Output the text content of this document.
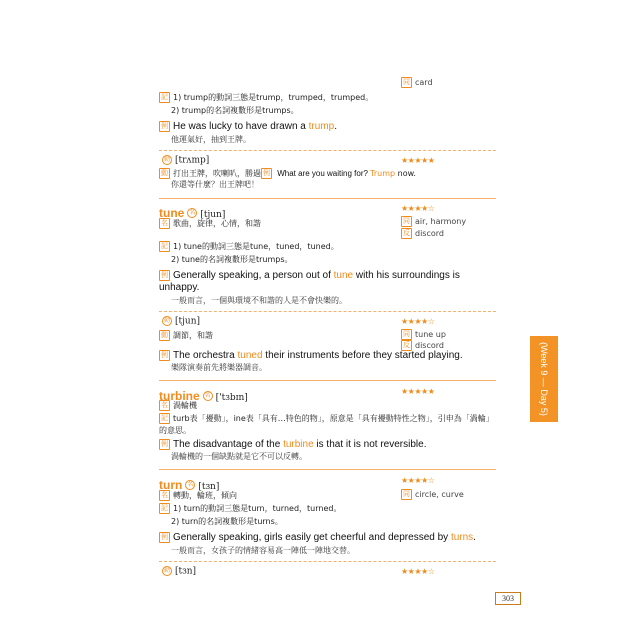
同 card
記 1) trump的動詞三態是trump，trumped，trumped。
2) trump的名詞複數形是trumps。
例 He was lucky to have drawn a trump.
他運氣好，抽到王牌。
動 [trʌmp]	★★★★★
動 打出王牌，吹喇叭，勝過 例 What are you waiting for? Trump now.
你還等什麼？出王牌吧！
tune 名 [tjun]
★★★★☆
名 歌曲，旋律，心情，和諧	同 air, harmony
反 discord
記 1) tune的動詞三態是tune，tuned，tuned。
2) tune的名詞複數形是trumps。
例 Generally speaking, a person out of tune with his surroundings is unhappy.
一般而言，一個與環境不和諧的人是不會快樂的。
動 [tjun]	★★★★☆
動 調節，和諧	同 tune up
反 discord
例 The orchestra tuned their instruments before they started playing.
樂隊演奏前先將樂器調音。
turbine 名 ['tɜbɪn]
★★★★★
名 渦輪機
記 turb表「擾動」，ine表「具有…特色的物」，原意是「具有擾動特性之物」，引申為「渦輪」的意思。
例 The disadvantage of the turbine is that it is not reversible.
渦輪機的一個缺點就是它不可以反轉。
turn 名 [tɜn]
★★★★☆
名 轉動，輪班，傾向	同 circle, curve
記 1) turn的動詞三態是turn，turned，turned。
2) turn的名詞複數形是turns。
例 Generally speaking, girls easily get cheerful and depressed by turns.
一般而言，女孩子的情緒容易高一陣低一陣地交替。
動 [tɜn]	★★★★☆
(Week 9 — Day 5)
303
